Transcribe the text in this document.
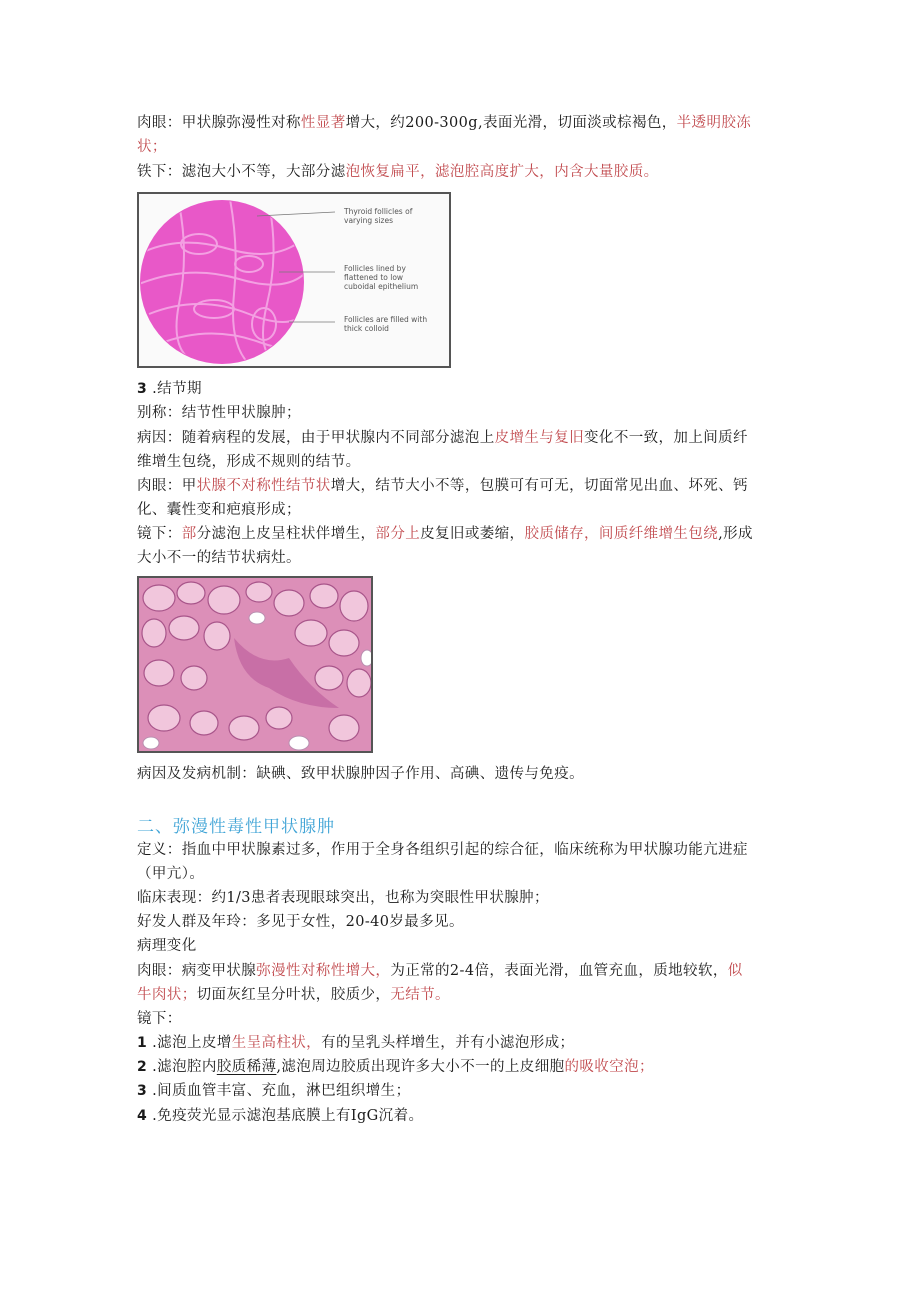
肉眼：甲状腺弥漫性对称性显著增大，约200-300g,表面光滑，切面淡或棕褐色，半透明胶冻
状；
铁下：滤泡大小不等，大部分滤泡恢复扁平，滤泡腔高度扩大，内含大量胶质。
Thyroid follicles of
varying sizes
Follicles lined by
flattened to low
cuboidal epithelium
Follicles are filled with
thick colloid
3 .结节期
别称：结节性甲状腺肿；
病因：随着病程的发展，由于甲状腺内不同部分滤泡上皮增生与复旧变化不一致，加上间质纤
维增生包绕，形成不规则的结节。
肉眼：甲状腺不对称性结节状增大，结节大小不等，包膜可有可无，切面常见出血、坏死、钙
化、囊性变和疤痕形成；
镜下：部分滤泡上皮呈柱状伴增生，部分上皮复旧或萎缩，胶质储存，间质纤维增生包绕,形成
大小不一的结节状病灶。
病因及发病机制：缺碘、致甲状腺肿因子作用、高碘、遗传与免疫。
二、弥漫性毒性甲状腺肿
定义：指血中甲状腺素过多，作用于全身各组织引起的综合征，临床统称为甲状腺功能亢进症
（甲亢）。
临床表现：约1/3患者表现眼球突出，也称为突眼性甲状腺肿；
好发人群及年玲：多见于女性，20-40岁最多见。
病理变化
肉眼：病变甲状腺弥漫性对称性增大，为正常的2-4倍，表面光滑，血管充血，质地较软，似
牛肉状；切面灰红呈分叶状，胶质少，无结节。
镜下：
1 .滤泡上皮增生呈高柱状，有的呈乳头样增生，并有小滤泡形成；
2 .滤泡腔内胶质稀薄,滤泡周边胶质出现许多大小不一的上皮细胞的吸收空泡；
3 .间质血管丰富、充血，淋巴组织增生；
4 .免疫荧光显示滤泡基底膜上有IgG沉着。
